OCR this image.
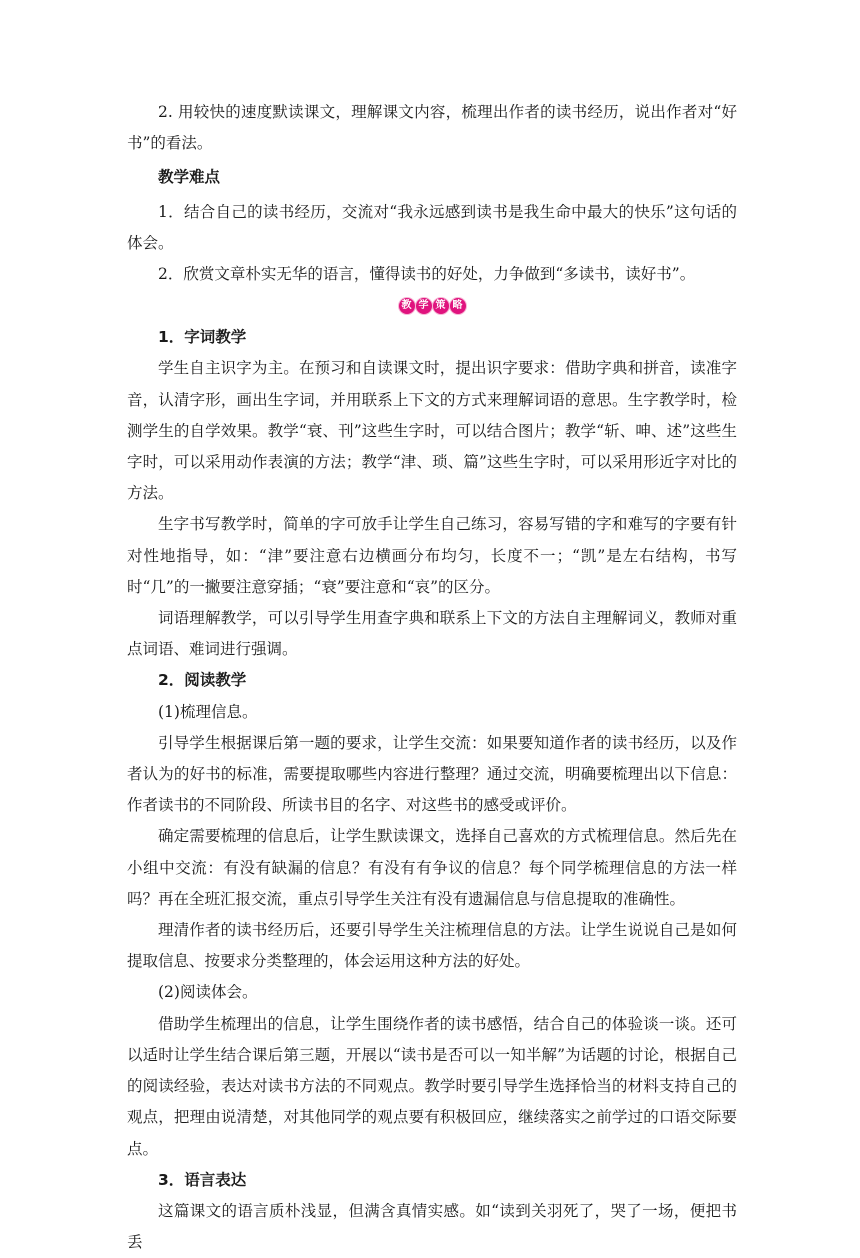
2. 用较快的速度默读课文，理解课文内容，梳理出作者的读书经历，说出作者对“好书”的看法。

教学难点

1．结合自己的读书经历，交流对“我永远感到读书是我生命中最大的快乐”这句话的体会。

2．欣赏文章朴实无华的语言，懂得读书的好处，力争做到“多读书，读好书”。

教 学 策 略

1．字词教学

学生自主识字为主。在预习和自读课文时，提出识字要求：借助字典和拼音，读准字音，认清字形，画出生字词，并用联系上下文的方式来理解词语的意思。生字教学时，检测学生的自学效果。教学“衰、刊”这些生字时，可以结合图片；教学“斩、呻、述”这些生字时，可以采用动作表演的方法；教学“津、琐、篇”这些生字时，可以采用形近字对比的方法。

生字书写教学时，简单的字可放手让学生自己练习，容易写错的字和难写的字要有针对性地指导，如：“津”要注意右边横画分布均匀，长度不一；“凯”是左右结构，书写时“几”的一撇要注意穿插；“衰”要注意和“哀”的区分。

词语理解教学，可以引导学生用查字典和联系上下文的方法自主理解词义，教师对重点词语、难词进行强调。

2．阅读教学

(1)梳理信息。

引导学生根据课后第一题的要求，让学生交流：如果要知道作者的读书经历，以及作者认为的好书的标准，需要提取哪些内容进行整理？通过交流，明确要梳理出以下信息：作者读书的不同阶段、所读书目的名字、对这些书的感受或评价。

确定需要梳理的信息后，让学生默读课文，选择自己喜欢的方式梳理信息。然后先在小组中交流：有没有缺漏的信息？有没有有争议的信息？每个同学梳理信息的方法一样吗？再在全班汇报交流，重点引导学生关注有没有遗漏信息与信息提取的准确性。

理清作者的读书经历后，还要引导学生关注梳理信息的方法。让学生说说自己是如何提取信息、按要求分类整理的，体会运用这种方法的好处。

(2)阅读体会。

借助学生梳理出的信息，让学生围绕作者的读书感悟，结合自己的体验谈一谈。还可以适时让学生结合课后第三题，开展以“读书是否可以一知半解”为话题的讨论，根据自己的阅读经验，表达对读书方法的不同观点。教学时要引导学生选择恰当的材料支持自己的观点，把理由说清楚，对其他同学的观点要有积极回应，继续落实之前学过的口语交际要点。

3．语言表达

这篇课文的语言质朴浅显，但满含真情实感。如“读到关羽死了，哭了一场，便把书丢
